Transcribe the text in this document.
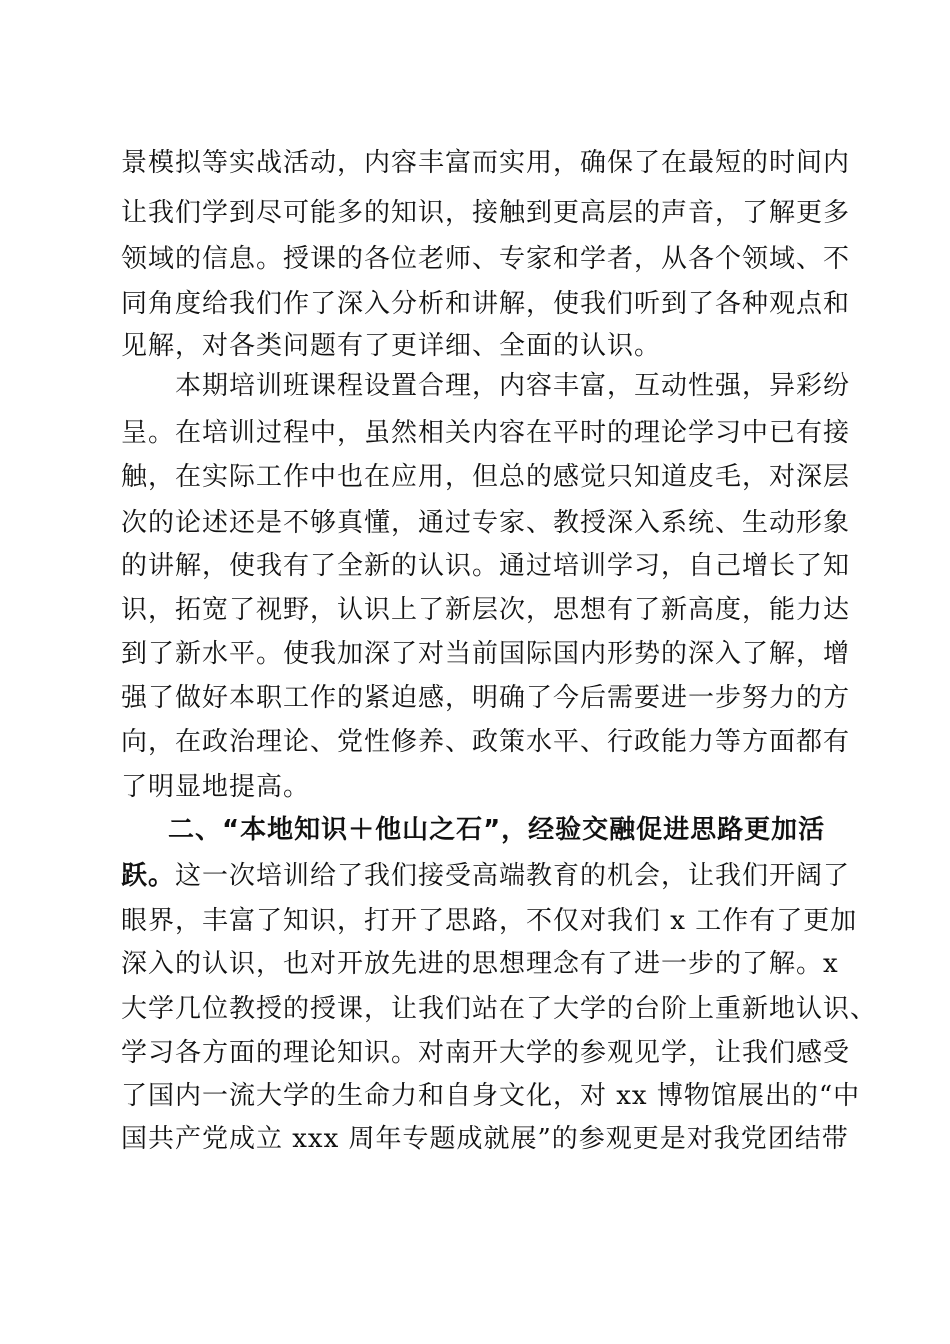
景模拟等实战活动，内容丰富而实用，确保了在最短的时间内
让我们学到尽可能多的知识，接触到更高层的声音，了解更多
领域的信息。授课的各位老师、专家和学者，从各个领域、不
同角度给我们作了深入分析和讲解，使我们听到了各种观点和
见解，对各类问题有了更详细、全面的认识。
本期培训班课程设置合理，内容丰富，互动性强，异彩纷
呈。在培训过程中，虽然相关内容在平时的理论学习中已有接
触，在实际工作中也在应用，但总的感觉只知道皮毛，对深层
次的论述还是不够真懂，通过专家、教授深入系统、生动形象
的讲解，使我有了全新的认识。通过培训学习，自己增长了知
识，拓宽了视野，认识上了新层次，思想有了新高度，能力达
到了新水平。使我加深了对当前国际国内形势的深入了解，增
强了做好本职工作的紧迫感，明确了今后需要进一步努力的方
向，在政治理论、党性修养、政策水平、行政能力等方面都有
了明显地提高。
二、“本地知识＋他山之石”，经验交融促进思路更加活
跃。这一次培训给了我们接受高端教育的机会，让我们开阔了
眼界，丰富了知识，打开了思路，不仅对我们 x 工作有了更加
深入的认识，也对开放先进的思想理念有了进一步的了解。x
大学几位教授的授课，让我们站在了大学的台阶上重新地认识、
学习各方面的理论知识。对南开大学的参观见学，让我们感受
了国内一流大学的生命力和自身文化，对 xx 博物馆展出的“中
国共产党成立 xxx 周年专题成就展”的参观更是对我党团结带
